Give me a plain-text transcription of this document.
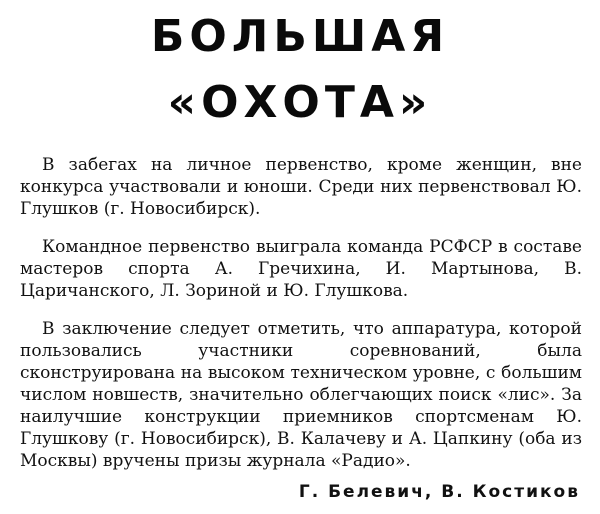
БОЛЬШАЯ
«ОХОТА»

В забегах на личное первенство, кроме женщин, вне конкурса участвовали и юноши. Среди них первенствовал Ю. Глушков (г. Новосибирск).

Командное первенство выиграла команда РСФСР в составе мастеров спорта А. Гречихина, И. Мартынова, В. Царичанского, Л. Зориной и Ю. Глушкова.

В заключение следует отметить, что аппаратура, которой пользовались участники соревнований, была сконструирована на высоком техническом уровне, с большим числом новшеств, значительно облегчающих поиск «лис». За наилучшие конструкции приемников спортсменам Ю. Глушкову (г. Новосибирск), В. Калачеву и А. Цапкину (оба из Москвы) вручены призы журнала «Радио».

Г. Белевич, В. Костиков
